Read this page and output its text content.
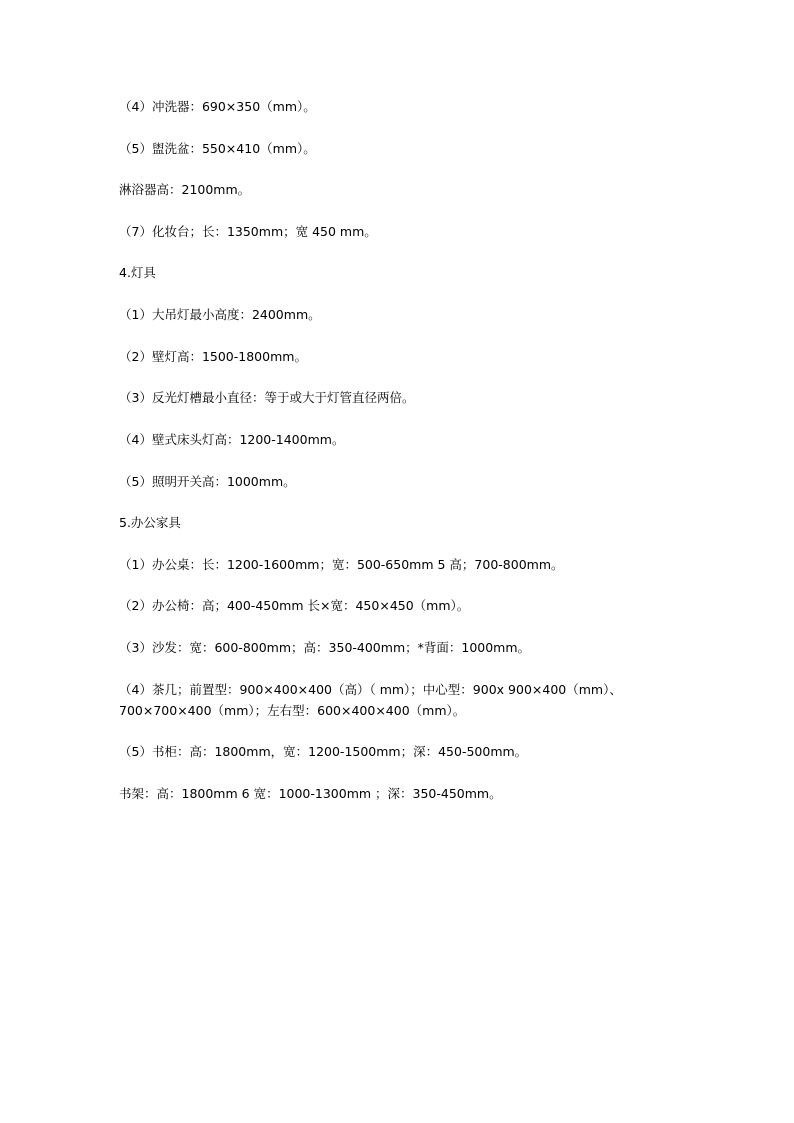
（4）冲洗器：690×350（mm）。
（5）盥洗盆：550×410（mm）。
淋浴器高：2100mm。
（7）化妆台；长：1350mm；宽 450 mm。
4.灯具
（1）大吊灯最小高度：2400mm。
（2）壁灯高：1500-1800mm。
（3）反光灯槽最小直径：等于或大于灯管直径两倍。
（4）壁式床头灯高：1200-1400mm。
（5）照明开关高：1000mm。
5.办公家具
（1）办公桌：长：1200-1600mm；宽：500-650mm 5 高；700-800mm。
（2）办公椅：高；400-450mm 长×宽：450×450（mm）。
（3）沙发：宽：600-800mm；高：350-400mm；*背面：1000mm。
（4）茶几；前置型：900×400×400（高）（ mm）；中心型：900x 900×400（mm）、700×700×400（mm）；左右型：600×400×400（mm）。
（5）书柜：高：1800mm，宽：1200-1500mm；深：450-500mm。
书架：高：1800mm 6 宽：1000-1300mm ；深：350-450mm。
